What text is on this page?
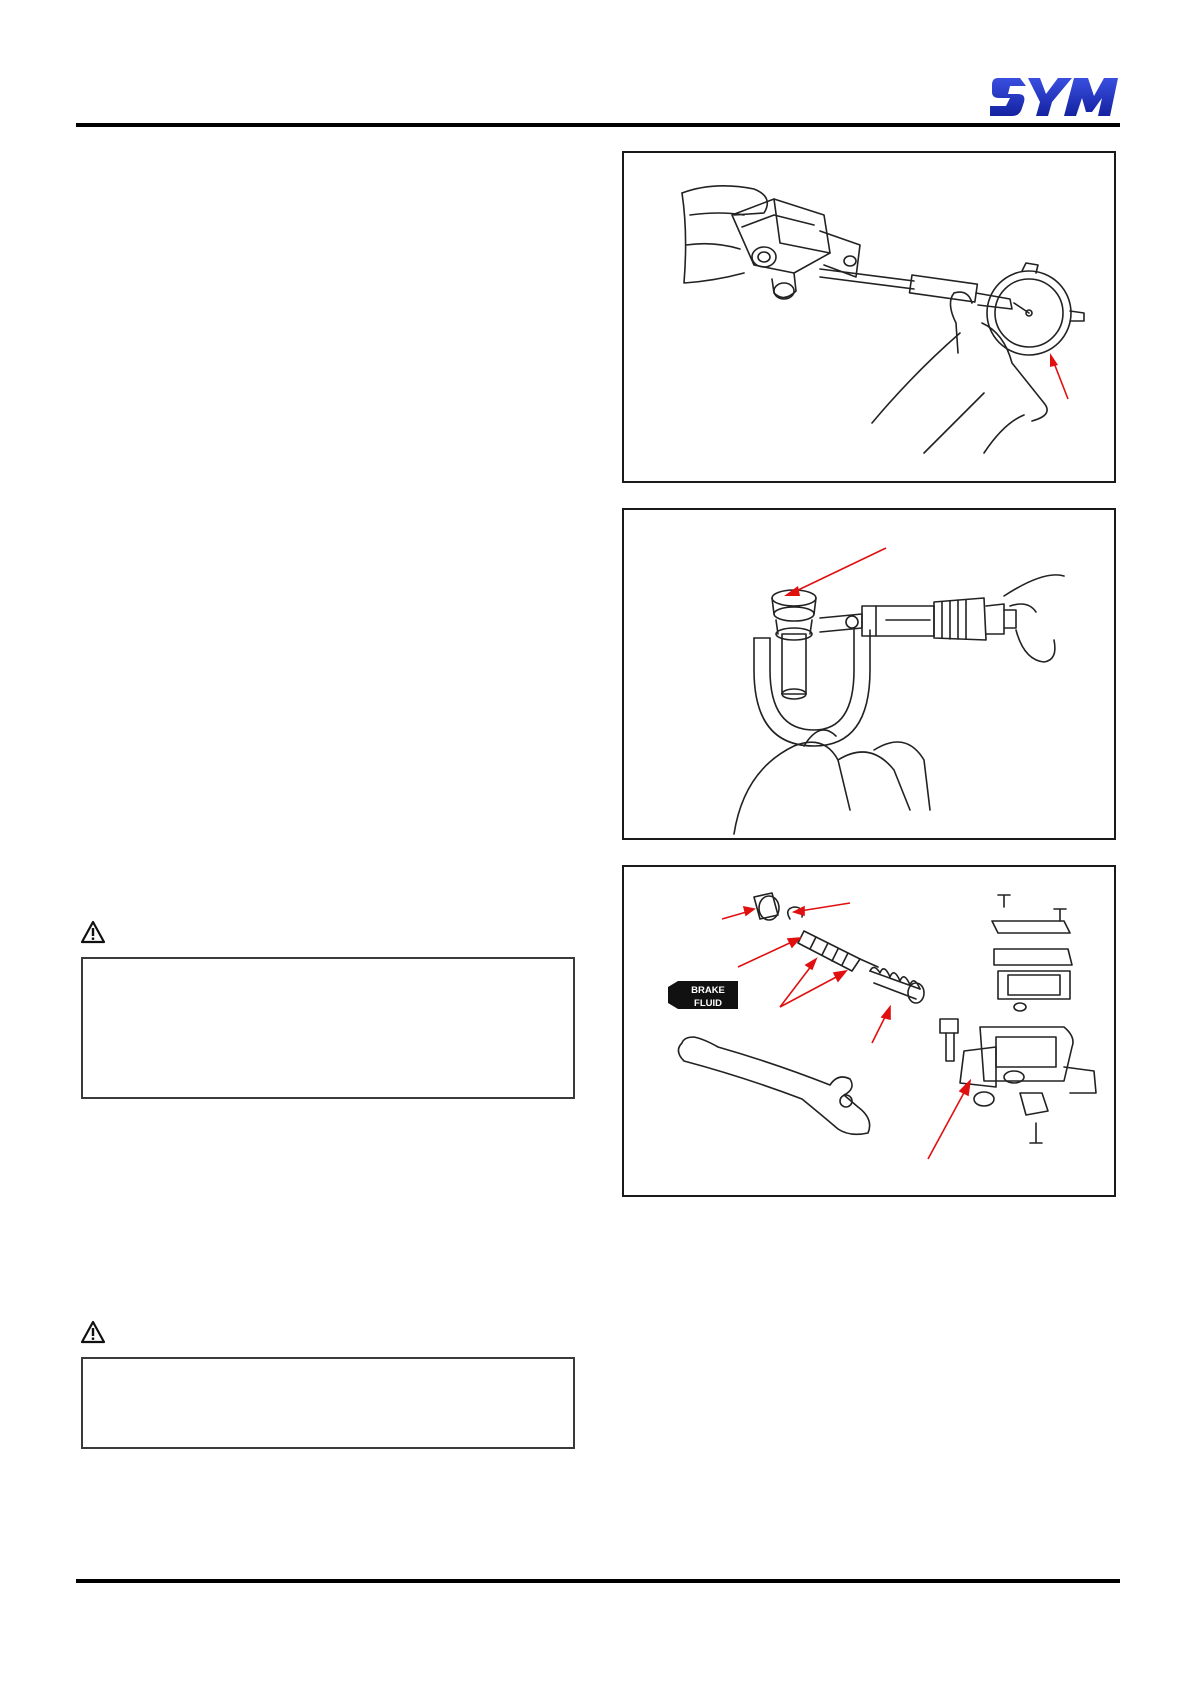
BRAKE
FLUID
